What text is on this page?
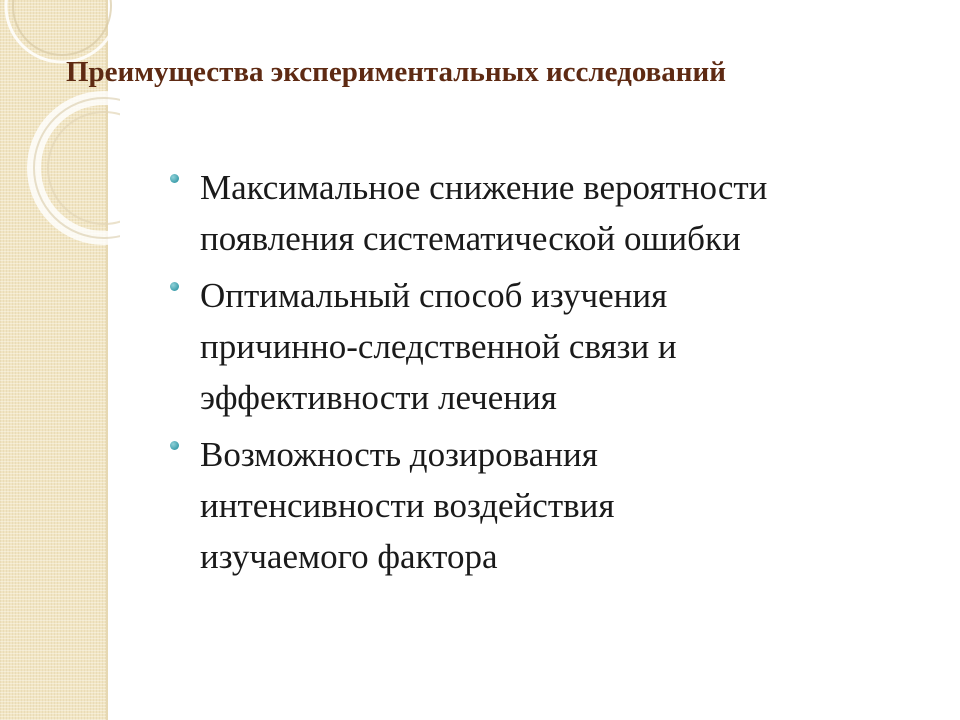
Преимущества экспериментальных исследований
Максимальное снижение вероятности
появления систематической ошибки
Оптимальный способ изучения
причинно-следственной связи и
эффективности лечения
Возможность дозирования
интенсивности воздействия
изучаемого фактора
